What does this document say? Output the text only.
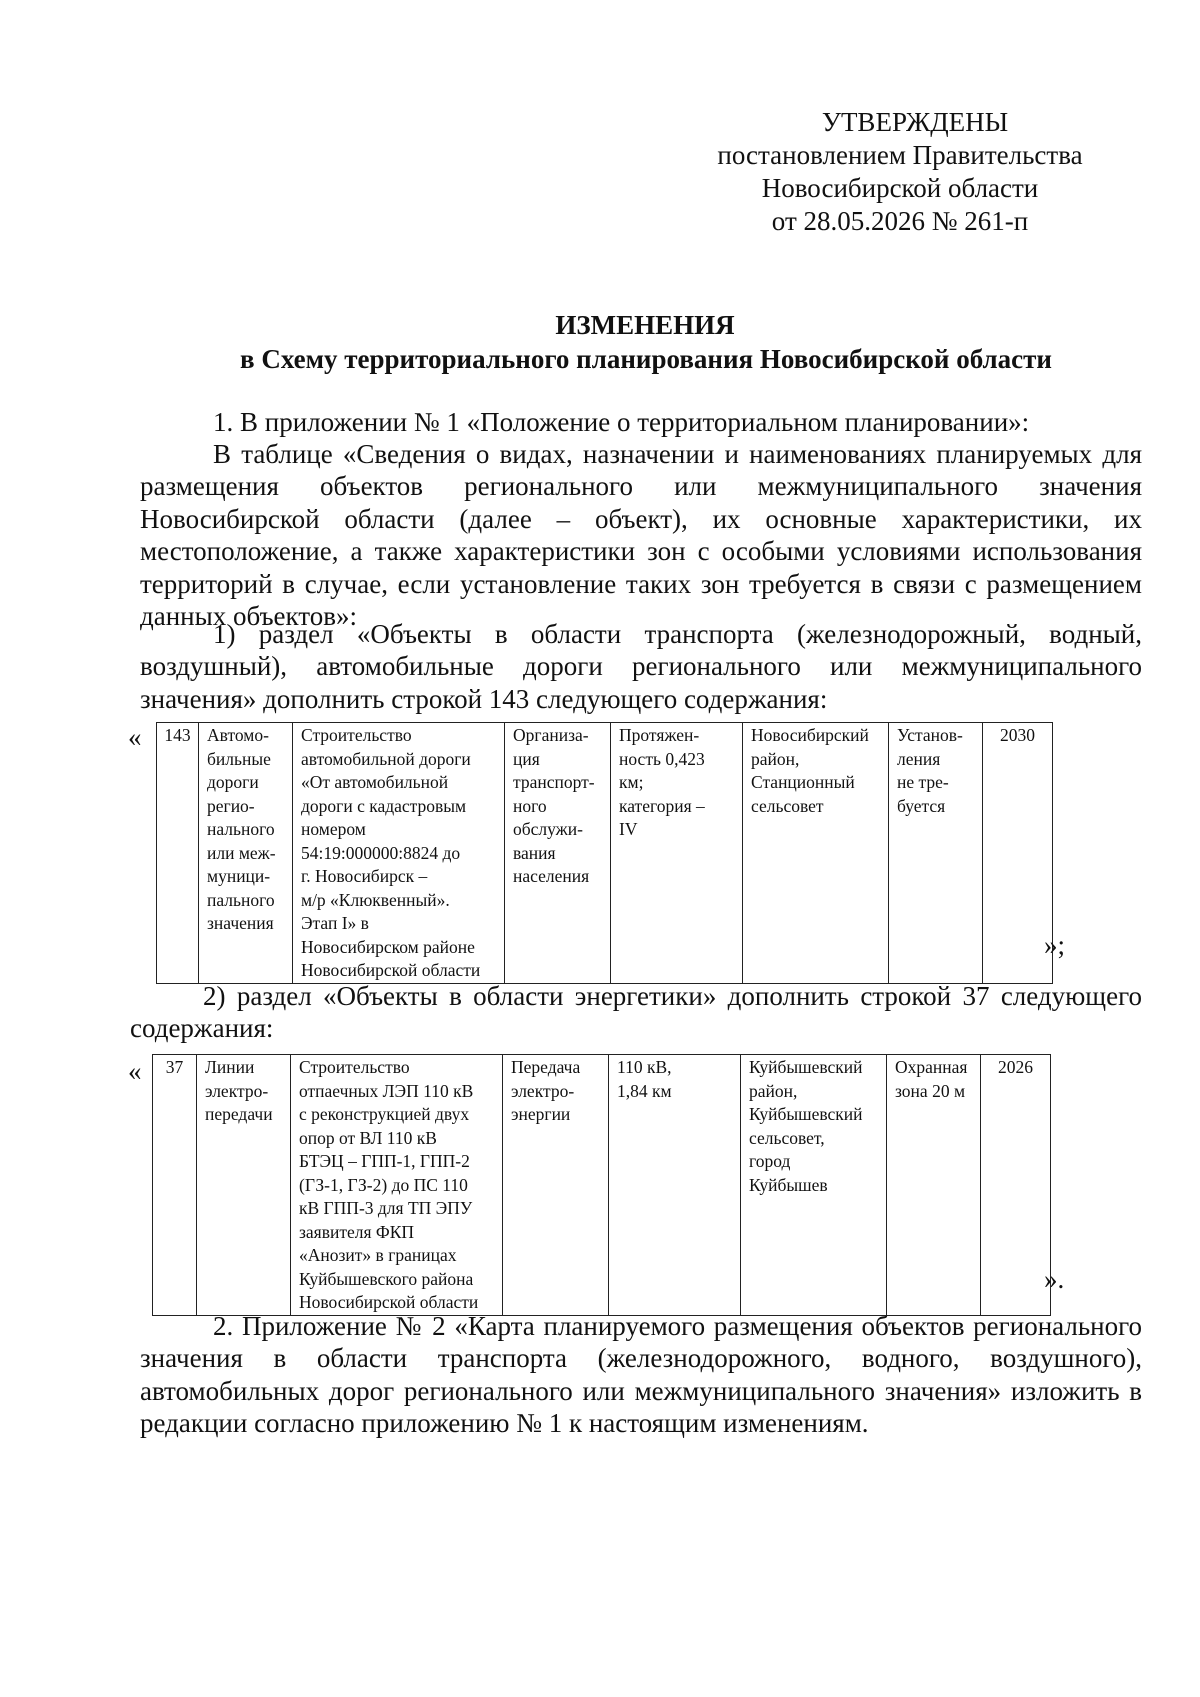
УТВЕРЖДЕНЫ
постановлением Правительства
Новосибирской области
от 28.05.2026 № 261-п
ИЗМЕНЕНИЯ
в Схему территориального планирования Новосибирской области
1. В приложении № 1 «Положение о территориальном планировании»:
В таблице «Сведения о видах, назначении и наименованиях планируемых для размещения объектов регионального или межмуниципального значения Новосибирской области (далее – объект), их основные характеристики, их местоположение, а также характеристики зон с особыми условиями использования территорий в случае, если установление таких зон требуется в связи с размещением данных объектов»:
1) раздел «Объекты в области транспорта (железнодорожный, водный, воздушный), автомобильные дороги регионального или межмуниципального значения» дополнить строкой 143 следующего содержания:
« 143	Автомо-
бильные
дороги
регио-
нального
или меж-
муници-
пального
значения	Строительство
автомобильной дороги
«От автомобильной
дороги с кадастровым
номером
54:19:000000:8824 до
г. Новосибирск –
м/р «Клюквенный».
Этап I» в
Новосибирском районе
Новосибирской области	Организа-
ция
транспорт-
ного
обслужи-
вания
населения	Протяжен-
ность 0,423
км;
категория –
IV	Новосибирский
район,
Станционный
сельсовет	Установ-
ления
не тре-
буется	2030
»;
2) раздел «Объекты в области энергетики» дополнить строкой 37 следующего содержания:
« 37	Линии
электро-
передачи	Строительство
отпаечных ЛЭП 110 кВ
с реконструкцией двух
опор от ВЛ 110 кВ
БТЭЦ – ГПП-1, ГПП-2
(ГЗ-1, ГЗ-2) до ПС 110
кВ ГПП-3 для ТП ЭПУ
заявителя ФКП
«Анозит» в границах
Куйбышевского района
Новосибирской области	Передача
электро-
энергии	110 кВ,
1,84 км	Куйбышевский
район,
Куйбышевский
сельсовет,
город
Куйбышев	Охранная
зона 20 м	2026
».
2. Приложение № 2 «Карта планируемого размещения объектов регионального значения в области транспорта (железнодорожного, водного, воздушного), автомобильных дорог регионального или межмуниципального значения» изложить в редакции согласно приложению № 1 к настоящим изменениям.
